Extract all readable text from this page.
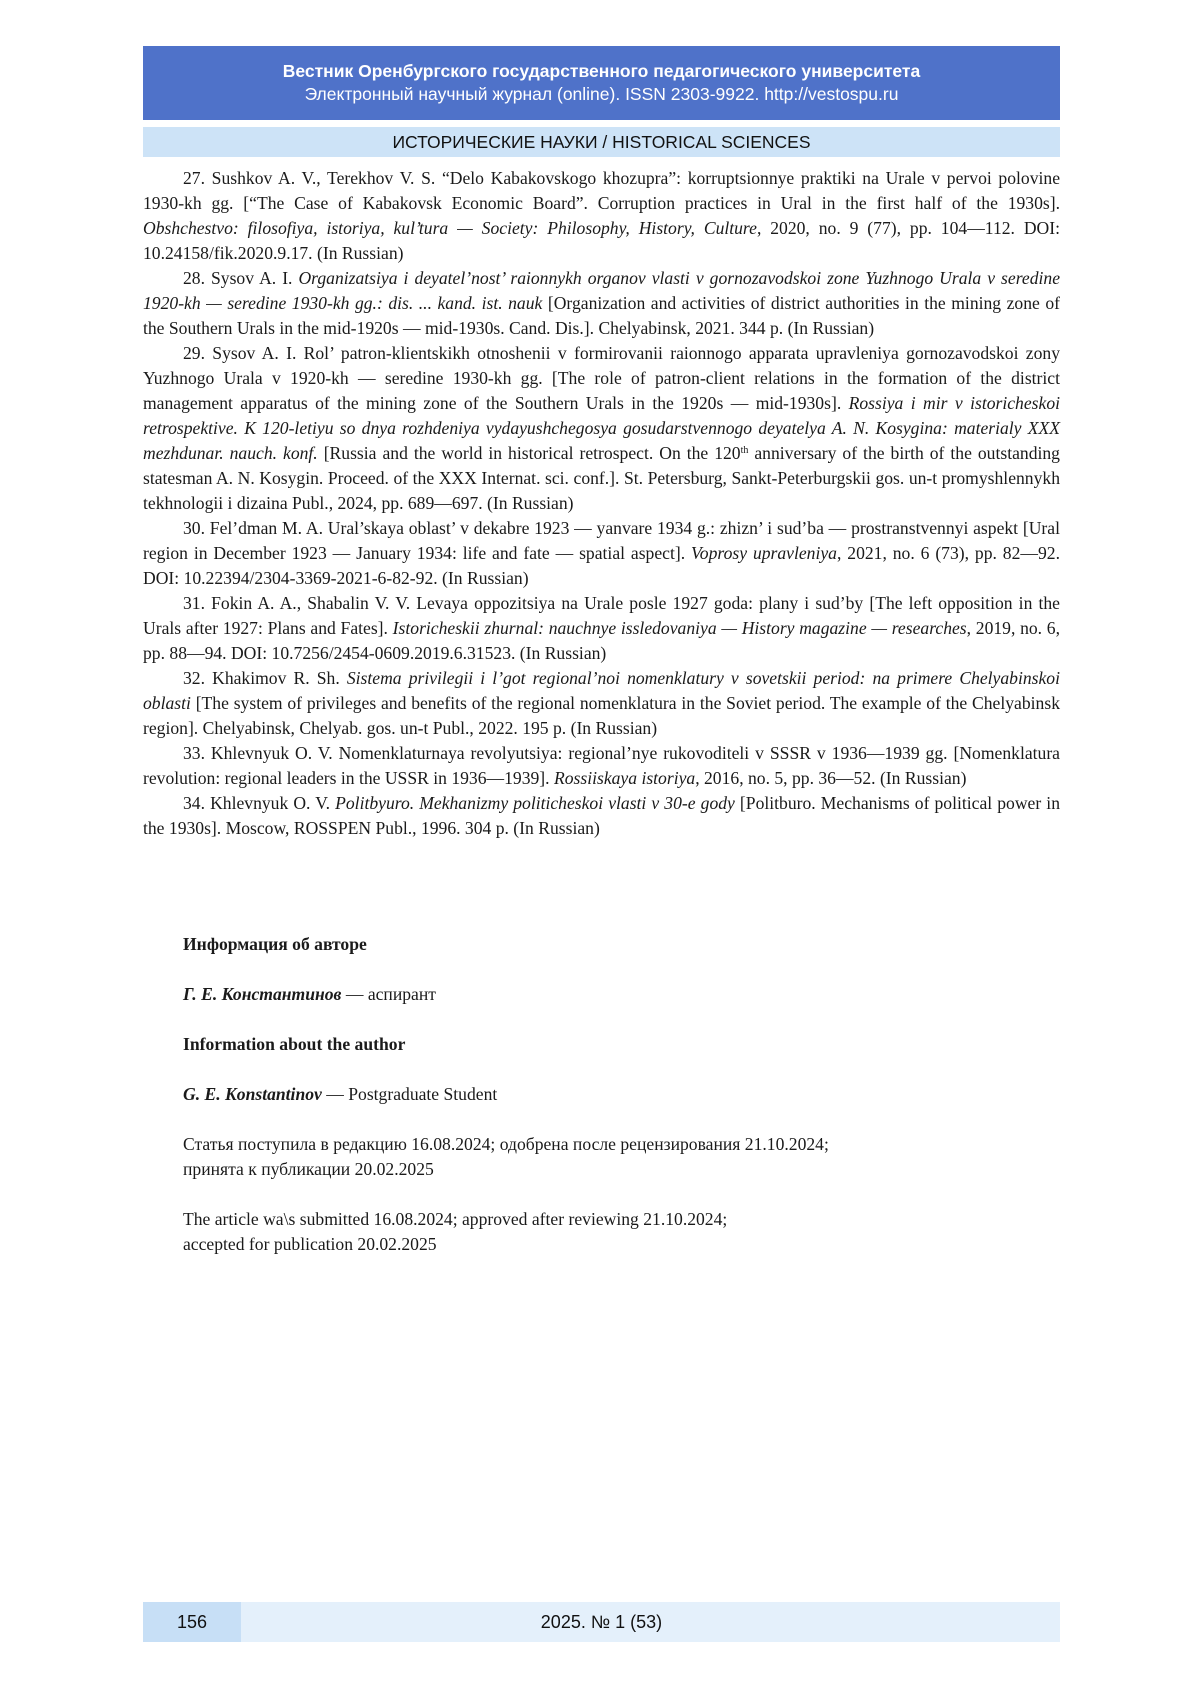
Вестник Оренбургского государственного педагогического университета
Электронный научный журнал (online). ISSN 2303-9922. http://vestospu.ru
ИСТОРИЧЕСКИЕ НАУКИ / HISTORICAL SCIENCES

27. Sushkov A. V., Terekhov V. S. “Delo Kabakovskogo khozupra”: korruptsionnye praktiki na Urale v pervoi polovine 1930-kh gg. [“The Case of Kabakovsk Economic Board”. Corruption practices in Ural in the first half of the 1930s]. Obshchestvo: filosofiya, istoriya, kul’tura — Society: Philosophy, History, Culture, 2020, no. 9 (77), pp. 104—112. DOI: 10.24158/fik.2020.9.17. (In Russian)

28. Sysov A. I. Organizatsiya i deyatel’nost’ raionnykh organov vlasti v gornozavodskoi zone Yuzhnogo Urala v seredine 1920-kh — seredine 1930-kh gg.: dis. ... kand. ist. nauk [Organization and activities of district authorities in the mining zone of the Southern Urals in the mid-1920s — mid-1930s. Cand. Dis.]. Chelyabinsk, 2021. 344 p. (In Russian)

29. Sysov A. I. Rol’ patron-klientskikh otnoshenii v formirovanii raionnogo apparata upravleniya gornozavodskoi zony Yuzhnogo Urala v 1920-kh — seredine 1930-kh gg. [The role of patron-client relations in the formation of the district management apparatus of the mining zone of the Southern Urals in the 1920s — mid-1930s]. Rossiya i mir v istoricheskoi retrospektive. K 120-letiyu so dnya rozhdeniya vydayushchegosya gosudarstvennogo deyatelya A. N. Kosygina: materialy XXX mezhdunar. nauch. konf. [Russia and the world in historical retrospect. On the 120th anniversary of the birth of the outstanding statesman A. N. Kosygin. Proceed. of the XXX Internat. sci. conf.]. St. Petersburg, Sankt-Peterburgskii gos. un-t promyshlennykh tekhnologii i dizaina Publ., 2024, pp. 689—697. (In Russian)

30. Fel’dman M. A. Ural’skaya oblast’ v dekabre 1923 — yanvare 1934 g.: zhizn’ i sud’ba — prostranstvennyi aspekt [Ural region in December 1923 — January 1934: life and fate — spatial aspect]. Voprosy upravleniya, 2021, no. 6 (73), pp. 82—92. DOI: 10.22394/2304-3369-2021-6-82-92. (In Russian)

31. Fokin A. A., Shabalin V. V. Levaya oppozitsiya na Urale posle 1927 goda: plany i sud’by [The left opposition in the Urals after 1927: Plans and Fates]. Istoricheskii zhurnal: nauchnye issledovaniya — History magazine — researches, 2019, no. 6, pp. 88—94. DOI: 10.7256/2454-0609.2019.6.31523. (In Russian)

32. Khakimov R. Sh. Sistema privilegii i l’got regional’noi nomenklatury v sovetskii period: na primere Chelyabinskoi oblasti [The system of privileges and benefits of the regional nomenklatura in the Soviet period. The example of the Chelyabinsk region]. Chelyabinsk, Chelyab. gos. un-t Publ., 2022. 195 p. (In Russian)

33. Khlevnyuk O. V. Nomenklaturnaya revolyutsiya: regional’nye rukovoditeli v SSSR v 1936—1939 gg. [Nomenklatura revolution: regional leaders in the USSR in 1936—1939]. Rossiiskaya istoriya, 2016, no. 5, pp. 36—52. (In Russian)

34. Khlevnyuk O. V. Politbyuro. Mekhanizmy politicheskoi vlasti v 30-e gody [Politburo. Mechanisms of political power in the 1930s]. Moscow, ROSSPEN Publ., 1996. 304 p. (In Russian)

Информация об авторе

Г. Е. Константинов — аспирант

Information about the author

G. E. Konstantinov — Postgraduate Student

Статья поступила в редакцию 16.08.2024; одобрена после рецензирования 21.10.2024;

принята к публикации 20.02.2025

The article wa\s submitted 16.08.2024; approved after reviewing 21.10.2024;

accepted for publication 20.02.2025

2025. № 1 (53)
156
